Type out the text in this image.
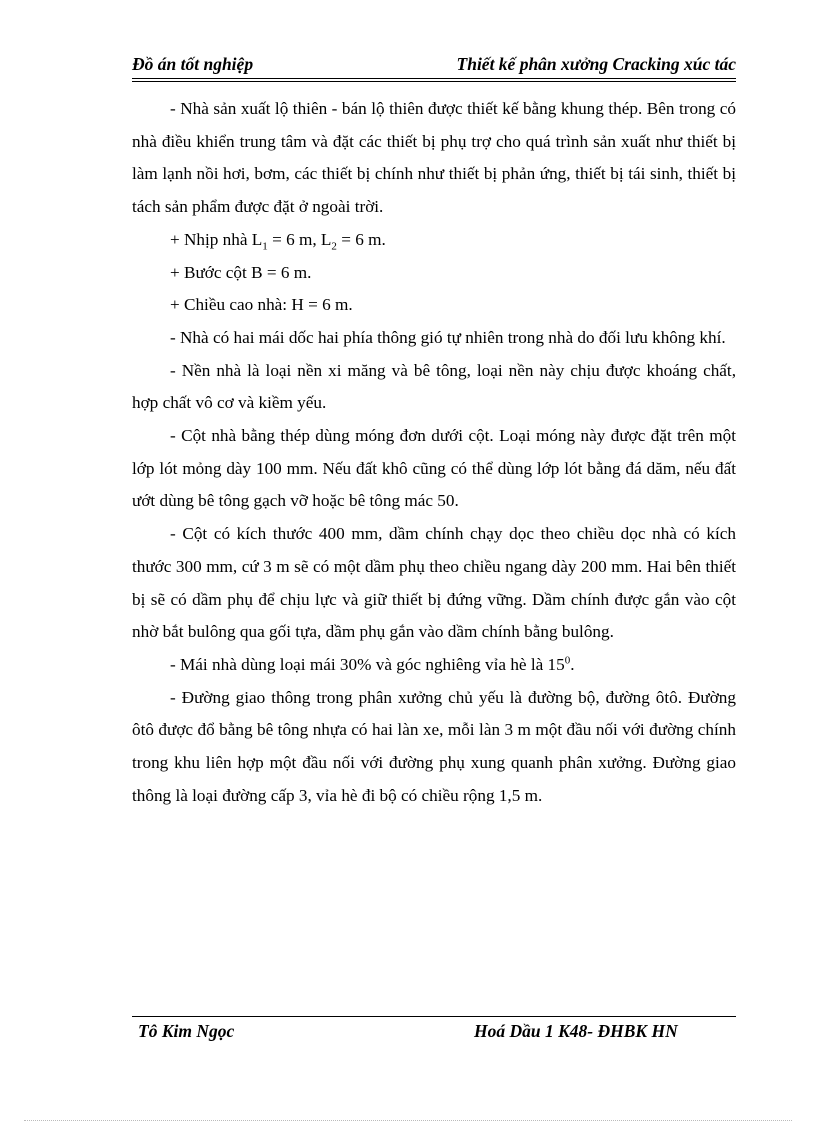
Đồ án tốt nghiệp	Thiết kế phân xưởng Cracking xúc tác

- Nhà sản xuất lộ thiên - bán lộ thiên được thiết kế bằng khung thép. Bên trong có nhà điều khiển trung tâm và đặt các thiết bị phụ trợ cho quá trình sản xuất như thiết bị làm lạnh nồi hơi, bơm, các thiết bị chính như thiết bị phản ứng, thiết bị tái sinh, thiết bị tách sản phẩm được đặt ở ngoài trời.

+ Nhịp nhà $L_1 = 6$ m, $L_2 = 6$ m.

+ Bước cột B = 6 m.

+ Chiều cao nhà: H = 6 m.

- Nhà có hai mái dốc hai phía thông gió tự nhiên trong nhà do đối lưu không khí.

- Nền nhà là loại nền xi măng và bê tông, loại nền này chịu được khoáng chất, hợp chất vô cơ và kiềm yếu.

- Cột nhà bằng thép dùng móng đơn dưới cột. Loại móng này được đặt trên một lớp lót mỏng dày 100 mm. Nếu đất khô cũng có thể dùng lớp lót bằng đá dăm, nếu đất ướt dùng bê tông gạch vỡ hoặc bê tông mác 50.

- Cột có kích thước 400 mm, dầm chính chạy dọc theo chiều dọc nhà có kích thước 300 mm, cứ 3 m sẽ có một dầm phụ theo chiều ngang dày 200 mm. Hai bên thiết bị sẽ có dầm phụ để chịu lực và giữ thiết bị đứng vững. Dầm chính được gắn vào cột nhờ bắt bulông qua gối tựa, dầm phụ gắn vào dầm chính bằng bulông.

- Mái nhà dùng loại mái 30% và góc nghiêng vỉa hè là $15^0$.

- Đường giao thông trong phân xưởng chủ yếu là đường bộ, đường ôtô. Đường ôtô được đổ bằng bê tông nhựa có hai làn xe, mỗi làn 3 m một đầu nối với đường chính trong khu liên hợp một đầu nối với đường phụ xung quanh phân xưởng. Đường giao thông là loại đường cấp 3, vỉa hè đi bộ có chiều rộng 1,5 m.

Tô Kim Ngọc	Hoá Dầu 1 K48- ĐHBK HN
